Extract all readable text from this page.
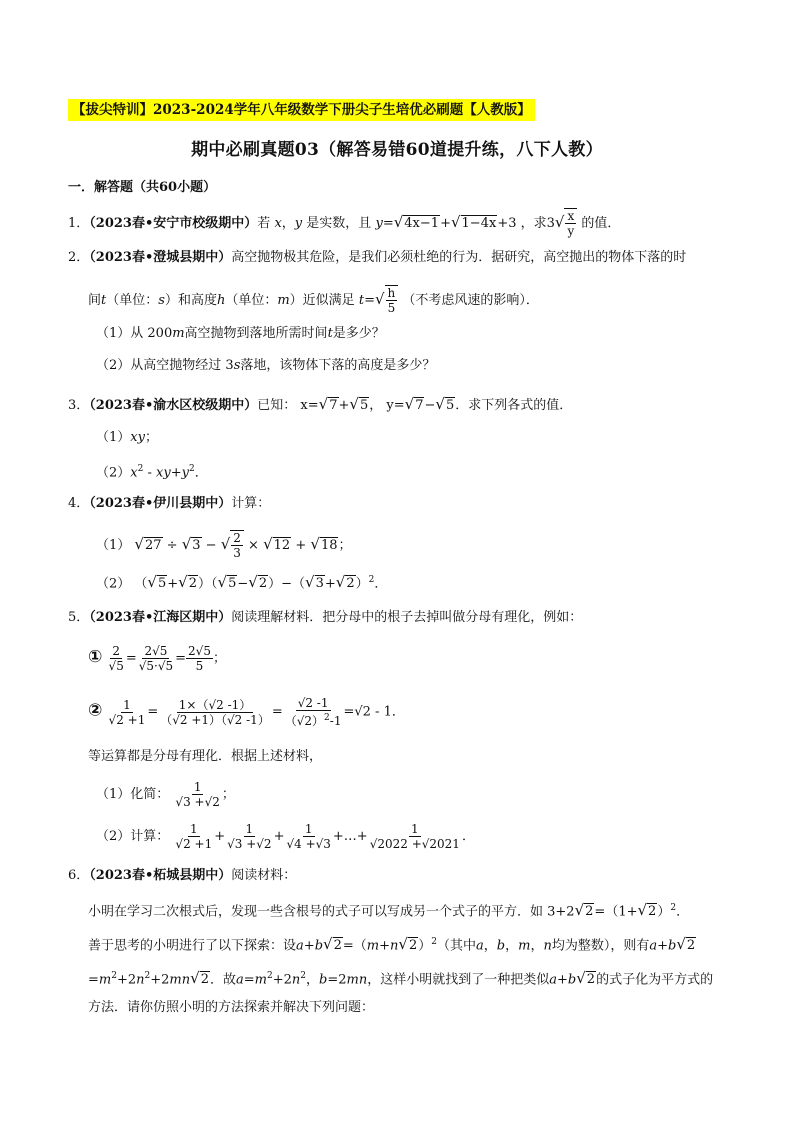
【拔尖特训】2023-2024学年八年级数学下册尖子生培优必刷题【人教版】
期中必刷真题03（解答易错60道提升练，八下人教）
一．解答题（共60小题）
1．（2023春•安宁市校级期中）若 x，y 是实数，且 y=√4x−1+√1−4x+3 ，求$3√ \frac{x}{y}$ 的值．
2．（2023春•澄城县期中）高空抛物极其危险，是我们必须杜绝的行为．据研究，高空抛出的物体下落的时
间t（单位：s）和高度h（单位：m）近似满足 $t=√ \frac{h}{5}$ （不考虑风速的影响）．
（1）从 200m高空抛物到落地所需时间t是多少？
（2）从高空抛物经过 3s落地，该物体下落的高度是多少？
3．（2023春•渝水区校级期中）已知： x=√7+√5， y=√7−√5．求下列各式的值．
（1）xy；
$(2)x^2 - xy+y^2$．
4．（2023春•伊川县期中）计算：
（1） √27 ÷ √3 − √ $\frac{2}{3} \times √12 + √18$；
（2） $(√5+√2)(√5-√2)-(√3+√2)^2$．
5．（2023春•江海区期中）阅读理解材料．把分母中的根子去掉叫做分母有理化，例如：
① $\frac{2}{√5} = \frac{2√5}{√5\cdot√5} = \frac{2√5}{5}$ ；
② $\frac{1}{√2 +1} = \frac{1\times(√2 -1)}{(√2 +1)(√2 -1)} = \frac{√2 -1}{(√2)^2-1} =√2 - 1$．
等运算都是分母有理化．根据上述材料，
（1）化简： $\frac{1}{√3 +√2}$ ；
（2）计算： $\frac{1}{√2 +1} + \frac{1}{√3 +√2} + \frac{1}{√4 +√3}$ +…+ $\frac{1}{√2022 +√2021}$ ．
6．（2023春•柘城县期中）阅读材料：
小明在学习二次根式后，发现一些含根号的式子可以写成另一个式子的平方．如 $3+2√2=(1+√2)^2$．
善于思考的小明进行了以下探索：设$a+b√2=(m+n√2)^2$（其中a，b，m，n均为整数），则有a+b√2
$=m^2+2n^2+2mn√2$．故$a=m^2+2n^2$，b=2mn，这样小明就找到了一种把类似a+b√2的式子化为平方式的
方法．请你仿照小明的方法探索并解决下列问题：
